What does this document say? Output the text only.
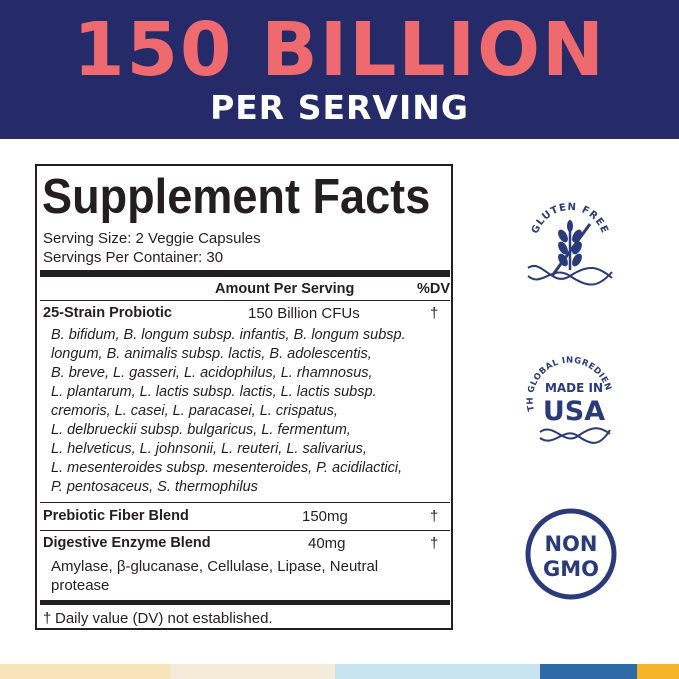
150 BILLION
PER SERVING
Supplement Facts
Serving Size: 2 Veggie Capsules
Servings Per Container: 30
Amount Per Serving	%DV
25-Strain Probiotic	150 Billion CFUs	†
B. bifidum, B. longum subsp. infantis, B. longum subsp.
longum, B. animalis subsp. lactis, B. adolescentis,
B. breve, L. gasseri, L. acidophilus, L. rhamnosus,
L. plantarum, L. lactis subsp. lactis, L. lactis subsp.
cremoris, L. casei, L. paracasei, L. crispatus,
L. delbrueckii subsp. bulgaricus, L. fermentum,
L. helveticus, L. johnsonii, L. reuteri, L. salivarius,
L. mesenteroides subsp. mesenteroides, P. acidilactici,
P. pentosaceus, S. thermophilus
Prebiotic Fiber Blend	150mg	†
Digestive Enzyme Blend	40mg	†
Amylase, β-glucanase, Cellulase, Lipase, Neutral
protease
† Daily value (DV) not established.
GLUTEN FREE
TH GLOBAL INGREDIEN
MADE IN
USA
NON
GMO
